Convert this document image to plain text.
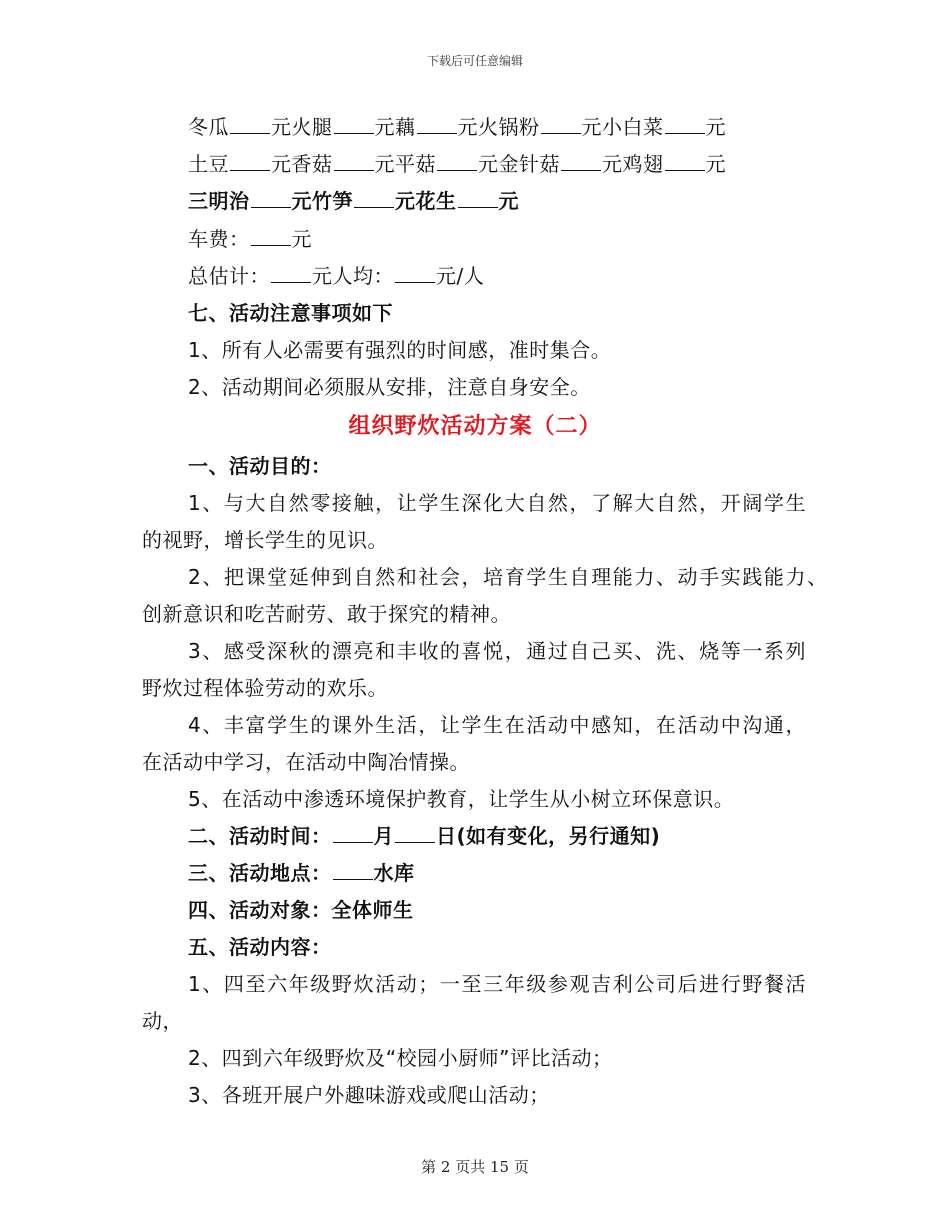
下载后可任意编辑
冬瓜 元火腿 元藕 元火锅粉 元小白菜 元
土豆 元香菇 元平菇 元金针菇 元鸡翅 元
三明治 元竹笋 元花生 元
车费： 元
总估计： 元人均： 元/人
七、活动注意事项如下
1、所有人必需要有强烈的时间感，准时集合。
2、活动期间必须服从安排，注意自身安全。
组织野炊活动方案（二）
一、活动目的：
1、与大自然零接触，让学生深化大自然，了解大自然，开阔学生
的视野，增长学生的见识。
2、把课堂延伸到自然和社会，培育学生自理能力、动手实践能力、
创新意识和吃苦耐劳、敢于探究的精神。
3、感受深秋的漂亮和丰收的喜悦，通过自己买、洗、烧等一系列
野炊过程体验劳动的欢乐。
4、丰富学生的课外生活，让学生在活动中感知，在活动中沟通，
在活动中学习，在活动中陶冶情操。
5、在活动中渗透环境保护教育，让学生从小树立环保意识。
二、活动时间： 月 日(如有变化，另行通知)
三、活动地点： 水库
四、活动对象：全体师生
五、活动内容：
1、四至六年级野炊活动；一至三年级参观吉利公司后进行野餐活
动，
2、四到六年级野炊及“校园小厨师”评比活动；
3、各班开展户外趣味游戏或爬山活动；
第 2 页共 15 页
